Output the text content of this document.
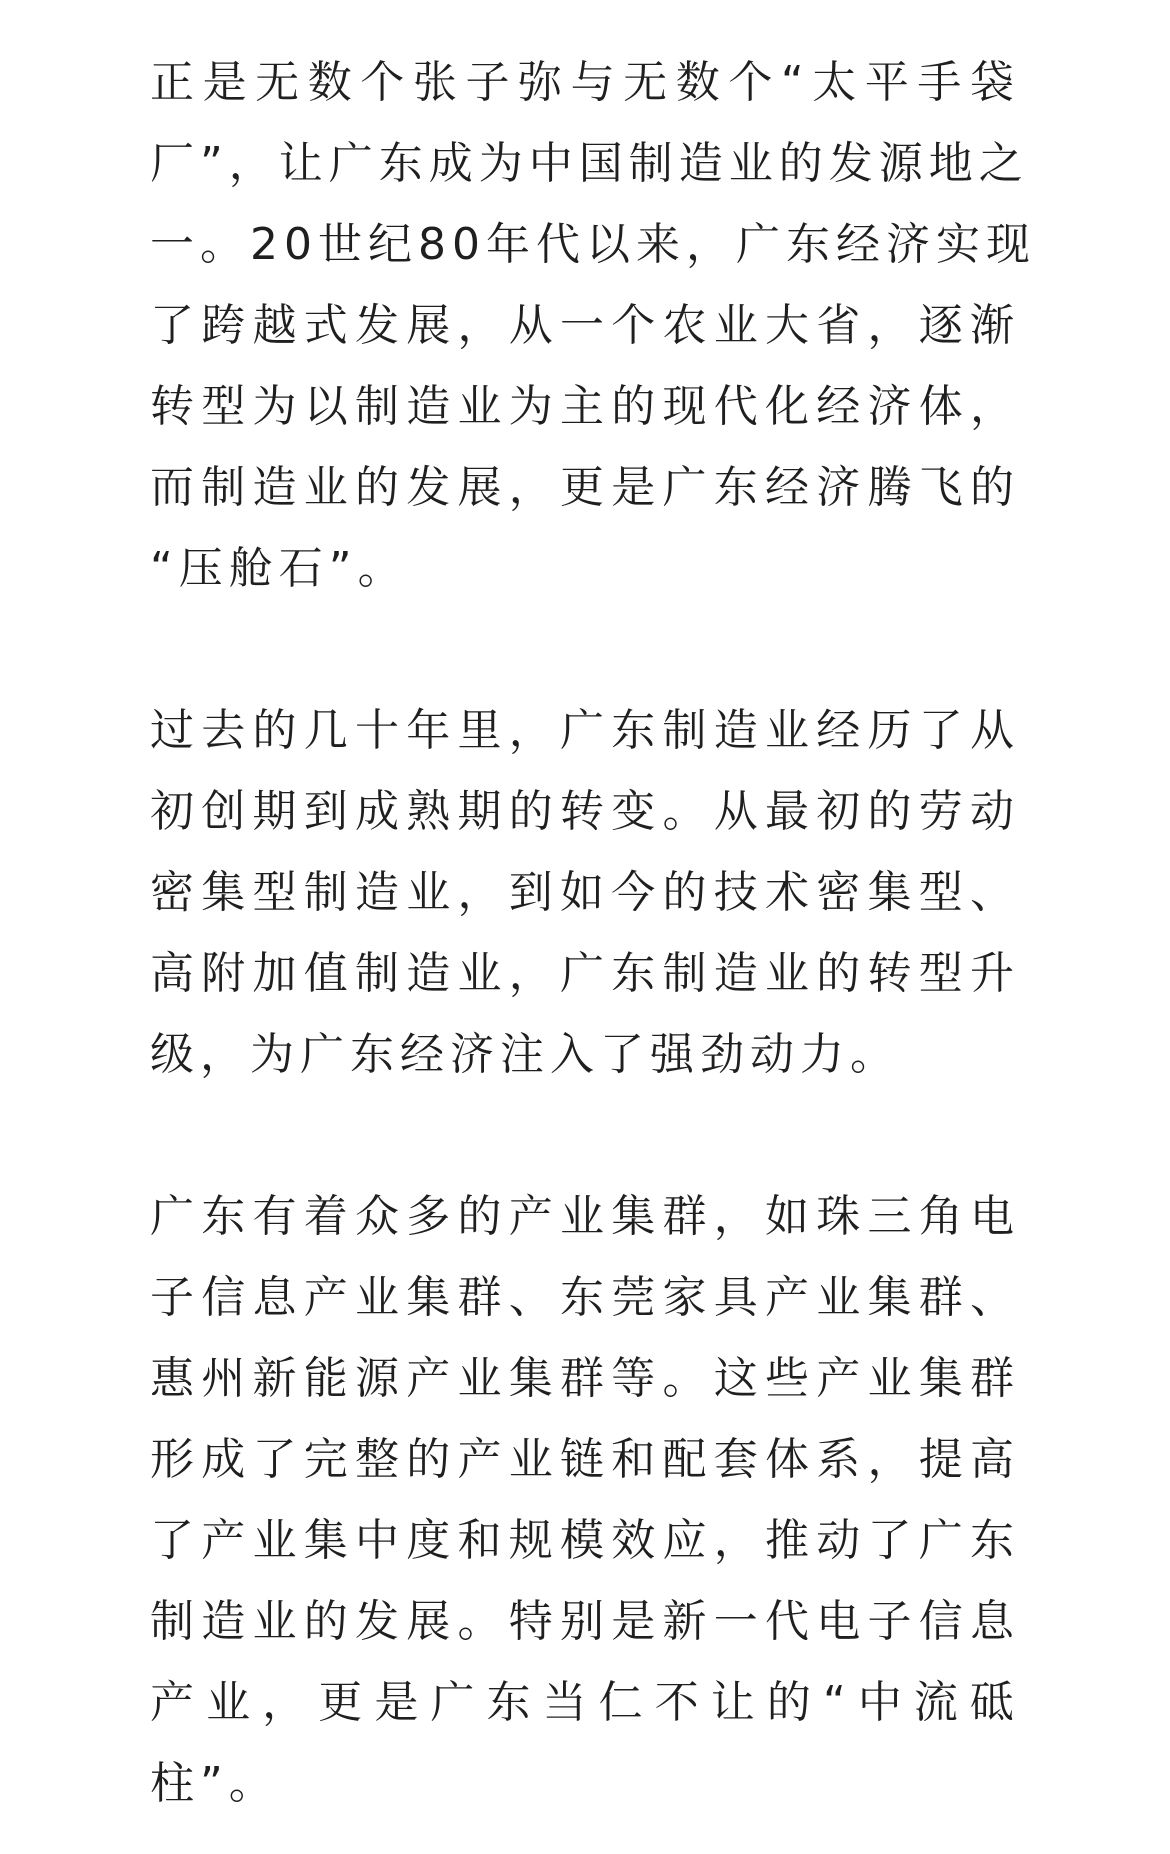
正是无数个张子弥与无数个“太平手袋
厂”，让广东成为中国制造业的发源地之
一。20世纪80年代以来，广东经济实现
了跨越式发展，从一个农业大省，逐渐
转型为以制造业为主的现代化经济体，
而制造业的发展，更是广东经济腾飞的
“压舱石”。
过去的几十年里，广东制造业经历了从
初创期到成熟期的转变。从最初的劳动
密集型制造业，到如今的技术密集型、
高附加值制造业，广东制造业的转型升
级，为广东经济注入了强劲动力。
广东有着众多的产业集群，如珠三角电
子信息产业集群、东莞家具产业集群、
惠州新能源产业集群等。这些产业集群
形成了完整的产业链和配套体系，提高
了产业集中度和规模效应，推动了广东
制造业的发展。特别是新一代电子信息
产业，更是广东当仁不让的“中流砥
柱”。
